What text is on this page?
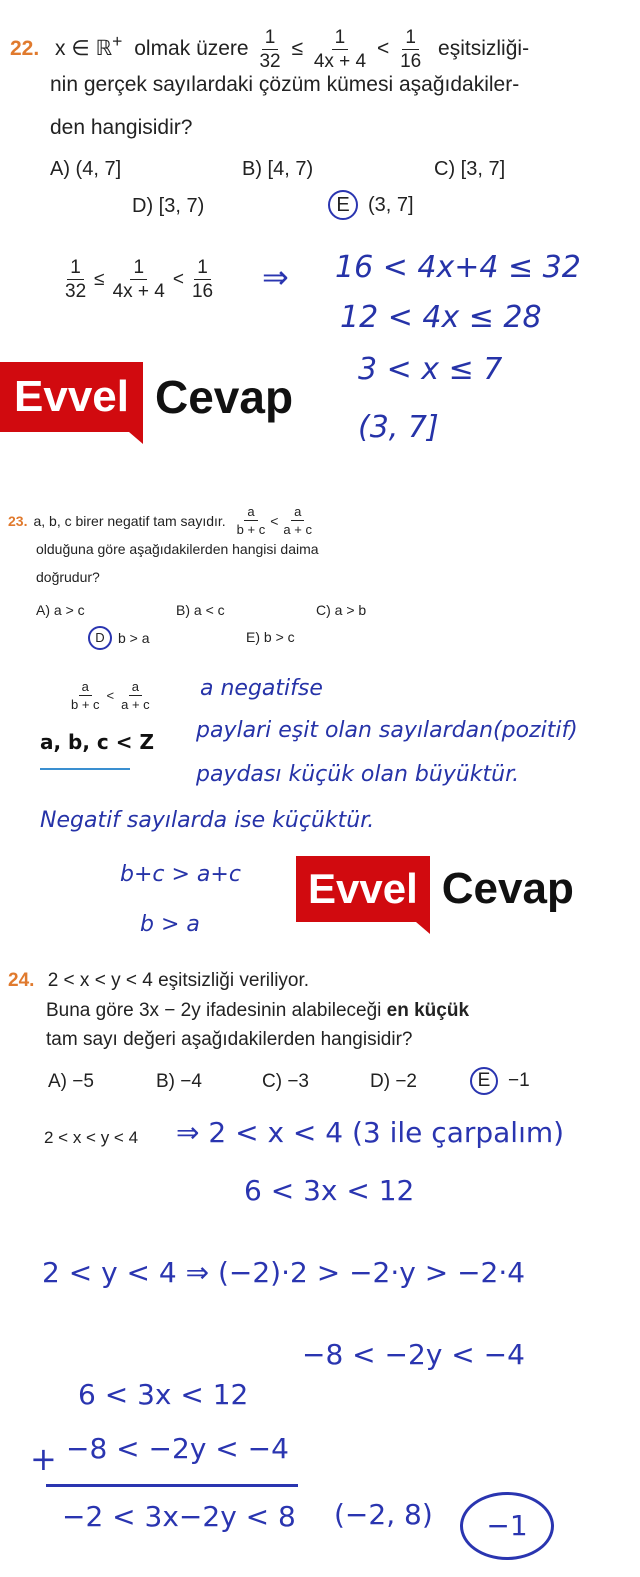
22. x ∈ ℝ+ olmak üzere $\frac{1}{32} \le \frac{1}{4x + 4} < \frac{1}{16}$ eşitsizliği-
nin gerçek sayılardaki çözüm kümesi aşağıdakiler-
den hangisidir?
A) (4, 7]	B) [4, 7)	C) [3, 7]
D) [3, 7)	E (3, 7]
$\frac{1}{32} \le \frac{1}{4x + 4} < \frac{1}{16}$ ⇒ 16 < 4x+4 ≤ 32
12 < 4x ≤ 28
3 < x ≤ 7
(3, 7]
Evvel Cevap
23. a, b, c birer negatif tam sayıdır. $\frac{a}{b + c} < \frac{a}{a + c}$
olduğuna göre aşağıdakilerden hangisi daima
doğrudur?
A) a > c	B) a < c	C) a > b
D b > a	E) b > c
$\frac{a}{b + c} < \frac{a}{a + c}$ a negatifse
a, b, c < Z paylari eşit olan sayılardan(pozitif)
paydası küçük olan büyüktür.
Negatif sayılarda ise küçüktür.
b+c > a+c
b > a
Evvel Cevap
24. 2 < x < y < 4 eşitsizliği veriliyor.
Buna göre 3x − 2y ifadesinin alabileceği en küçük
tam sayı değeri aşağıdakilerden hangisidir?
A) −5	B) −4	C) −3	D) −2	E −1
2 < x < y < 4 ⇒ 2 < x < 4 (3 ile çarpalım)
6 < 3x < 12
2 < y < 4 ⇒ (−2)·2 > −2·y > −2·4
−8 < −2y < −4
6 < 3x < 12
+ −8 < −2y < −4
−2 < 3x−2y < 8 (−2, 8)	−1
